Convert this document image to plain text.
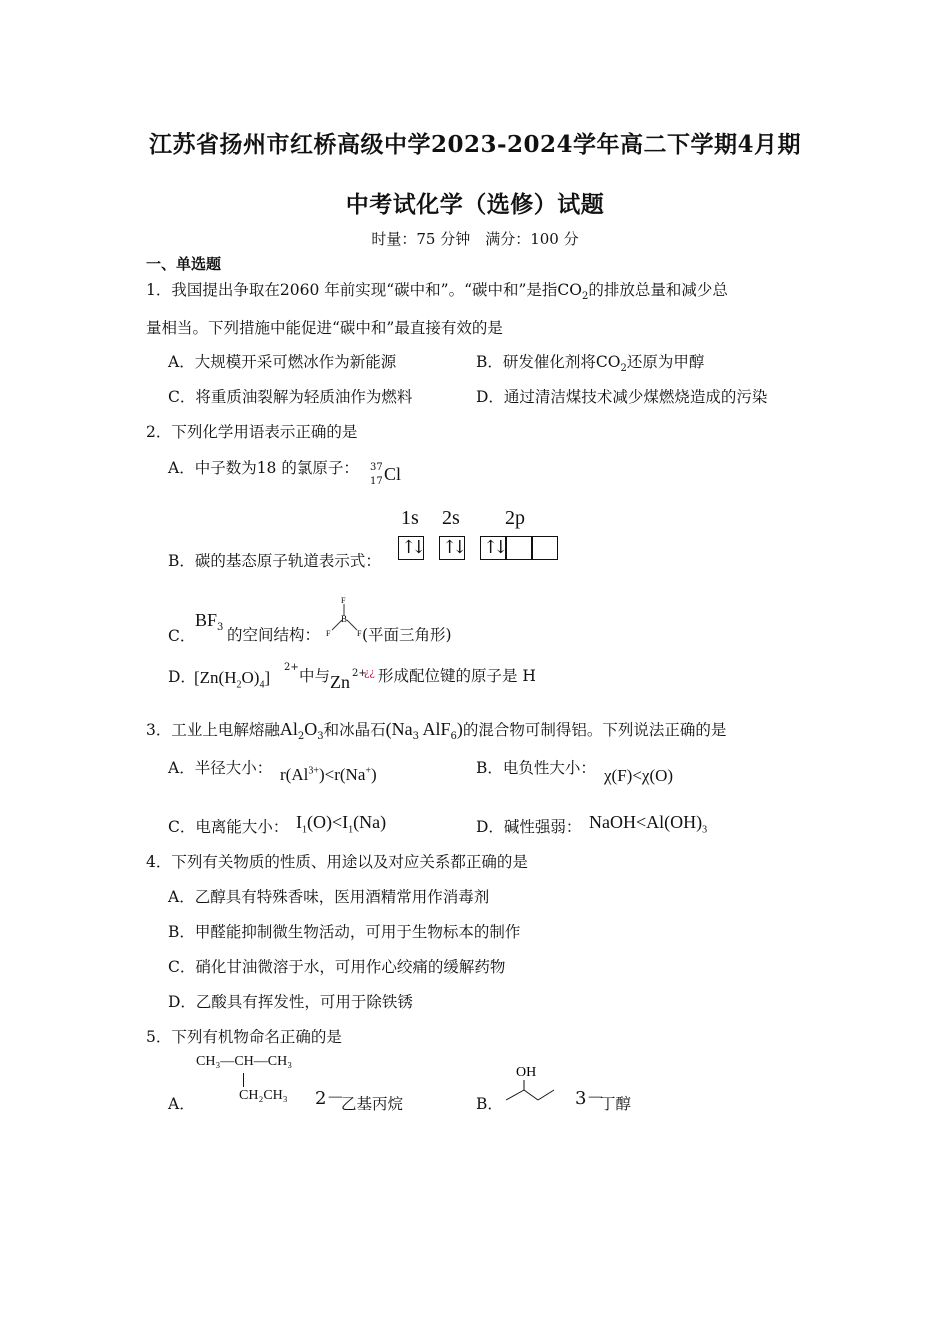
江苏省扬州市红桥高级中学2023-2024学年高二下学期4月期
中考试化学（选修）试题
时量：75 分钟　满分：100 分
一、单选题
1．我国提出争取在2060 年前实现“碳中和”。“碳中和”是指$CO_2$的排放总量和减少总
量相当。下列措施中能促进“碳中和”最直接有效的是
A．大规模开采可燃冰作为新能源	B．研发催化剂将$CO_2$还原为甲醇
C．将重质油裂解为轻质油作为燃料	D．通过清洁煤技术减少煤燃烧造成的污染
2．下列化学用语表示正确的是
A．中子数为18 的氯原子： 37
17 Cl
1s 2s 2p
B．碳的基态原子轨道表示式：
↑↓ ↑↓ ↑↓
C．
$BF_3$ 的空间结构：
F
B
F	F (平面三角形)
D．
$[Zn(H_2O)_4]$
2+ 中与 Zn 2+
¿¿ 形成配位键的原子是 H
3．工业上电解熔融$Al_2O_3$和冰晶石($Na_3$ AlF$_6$)的混合物可制得铝。下列说法正确的是
A．半径大小： $r(Al^{3+})<r(Na^+)$	B．电负性大小： χ(F)<χ(O)
C．电离能大小： $I_1(O)<I_1(Na)$	D．碱性强弱： $NaOH<Al(OH)_3$
4．下列有关物质的性质、用途以及对应关系都正确的是
A．乙醇具有特殊香味，医用酒精常用作消毒剂
B．甲醛能抑制微生物活动，可用于生物标本的制作
C．硝化甘油微溶于水，可用作心绞痛的缓解药物
D．乙酸具有挥发性，可用于除铁锈
5．下列有机物命名正确的是
A．
CH₃—CH—CH₃
CH₂CH₃ 2－
乙基丙烷	B．
OH
3－
丁醇
